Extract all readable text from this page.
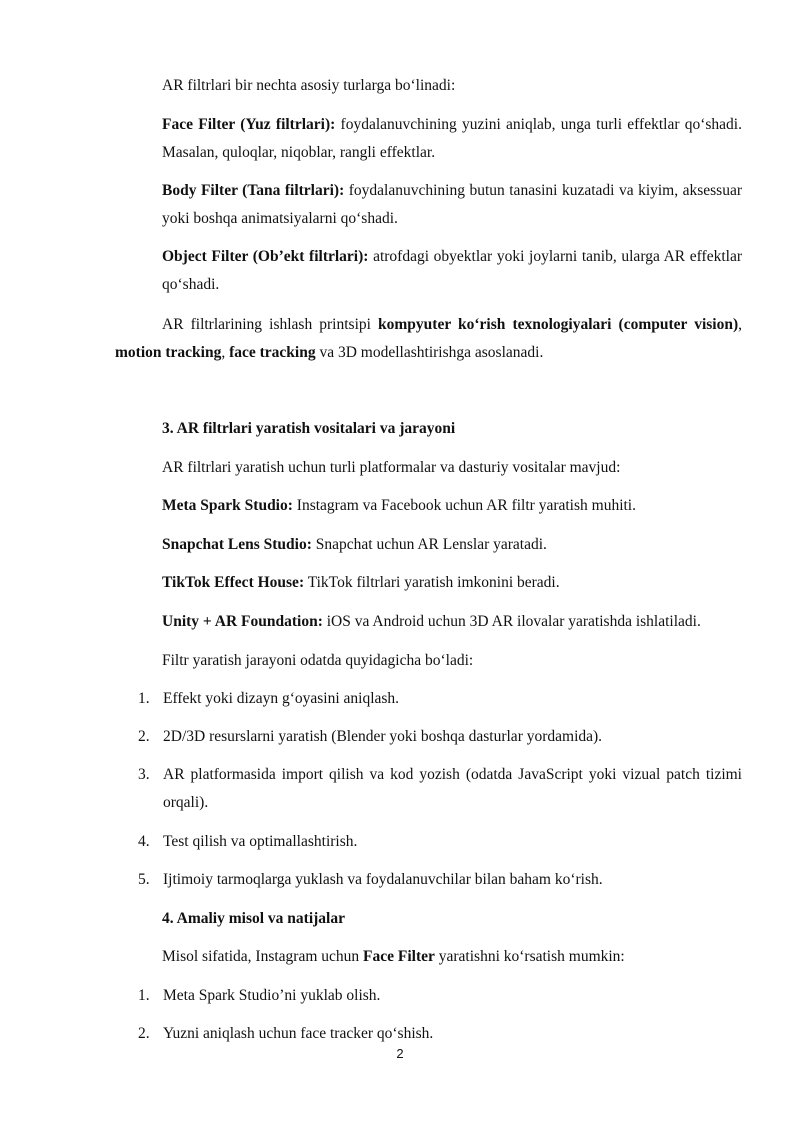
AR filtrlari bir nechta asosiy turlarga bo‘linadi:

Face Filter (Yuz filtrlari): foydalanuvchining yuzini aniqlab, unga turli effektlar qo‘shadi. Masalan, quloqlar, niqoblar, rangli effektlar.

Body Filter (Tana filtrlari): foydalanuvchining butun tanasini kuzatadi va kiyim, aksessuar yoki boshqa animatsiyalarni qo‘shadi.

Object Filter (Ob’ekt filtrlari): atrofdagi obyektlar yoki joylarni tanib, ularga AR effektlar qo‘shadi.

AR filtrlarining ishlash printsipi kompyuter ko‘rish texnologiyalari (computer vision), motion tracking, face tracking va 3D modellashtirishga asoslanadi.

3. AR filtrlari yaratish vositalari va jarayoni

AR filtrlari yaratish uchun turli platformalar va dasturiy vositalar mavjud:

Meta Spark Studio: Instagram va Facebook uchun AR filtr yaratish muhiti.

Snapchat Lens Studio: Snapchat uchun AR Lenslar yaratadi.

TikTok Effect House: TikTok filtrlari yaratish imkonini beradi.

Unity + AR Foundation: iOS va Android uchun 3D AR ilovalar yaratishda ishlatiladi.

Filtr yaratish jarayoni odatda quyidagicha bo‘ladi:

1. Effekt yoki dizayn g‘oyasini aniqlash.
2. 2D/3D resurslarni yaratish (Blender yoki boshqa dasturlar yordamida).
3. AR platformasida import qilish va kod yozish (odatda JavaScript yoki vizual patch tizimi orqali).
4. Test qilish va optimallashtirish.
5. Ijtimoiy tarmoqlarga yuklash va foydalanuvchilar bilan baham ko‘rish.

4. Amaliy misol va natijalar

Misol sifatida, Instagram uchun Face Filter yaratishni ko‘rsatish mumkin:

1. Meta Spark Studio’ni yuklab olish.
2. Yuzni aniqlash uchun face tracker qo‘shish.
2
